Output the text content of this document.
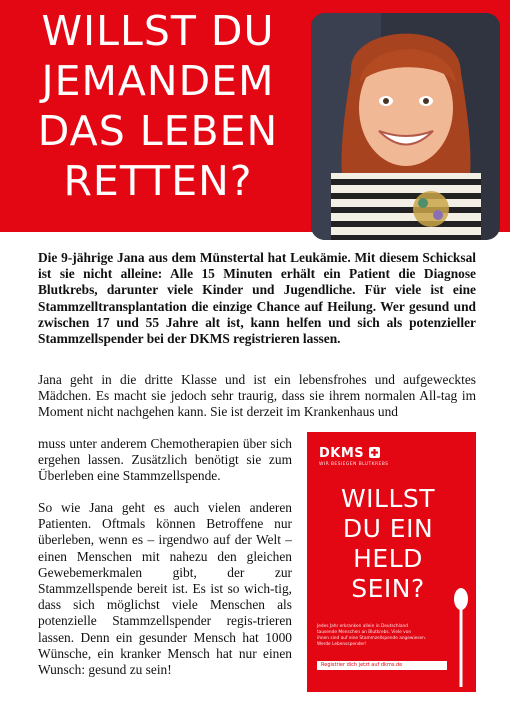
WILLST DU
JEMANDEM
DAS LEBEN
RETTEN?

Die 9-jährige Jana aus dem Münstertal hat Leukämie. Mit diesem Schicksal ist sie nicht alleine: Alle 15 Minuten erhält ein Patient die Diagnose Blutkrebs, darunter viele Kinder und Jugendliche. Für viele ist eine Stammzelltransplantation die einzige Chance auf Heilung. Wer gesund und zwischen 17 und 55 Jahre alt ist, kann helfen und sich als potenzieller Stammzellspender bei der DKMS registrieren lassen.

Jana geht in die dritte Klasse und ist ein lebensfrohes und aufgewecktes Mädchen. Es macht sie jedoch sehr traurig, dass sie ihrem normalen All-tag im Moment nicht nachgehen kann. Sie ist derzeit im Krankenhaus und

muss unter anderem Chemotherapien über sich ergehen lassen. Zusätzlich benötigt sie zum Überleben eine Stammzellspende.

So wie Jana geht es auch vielen anderen Patienten. Oftmals können Betroffene nur überleben, wenn es – irgendwo auf der Welt – einen Menschen mit nahezu den gleichen Gewebemerkmalen gibt, der zur Stammzellspende bereit ist. Es ist so wich-tig, dass sich möglichst viele Menschen als potenzielle Stammzellspender regis-trieren lassen. Denn ein gesunder Mensch hat 1000 Wünsche, ein kranker Mensch hat nur einen Wunsch: gesund zu sein!

DKMS
WIR BESIEGEN BLUTKREBS
WILLST
DU EIN
HELD
SEIN?
Jedes Jahr erkranken allein in Deutschland
tausende Menschen an Blutkrebs. Viele von
ihnen sind auf eine Stammzellspende angewiesen.
Werde Lebensspender!
Registrier dich jetzt auf dkms.de
